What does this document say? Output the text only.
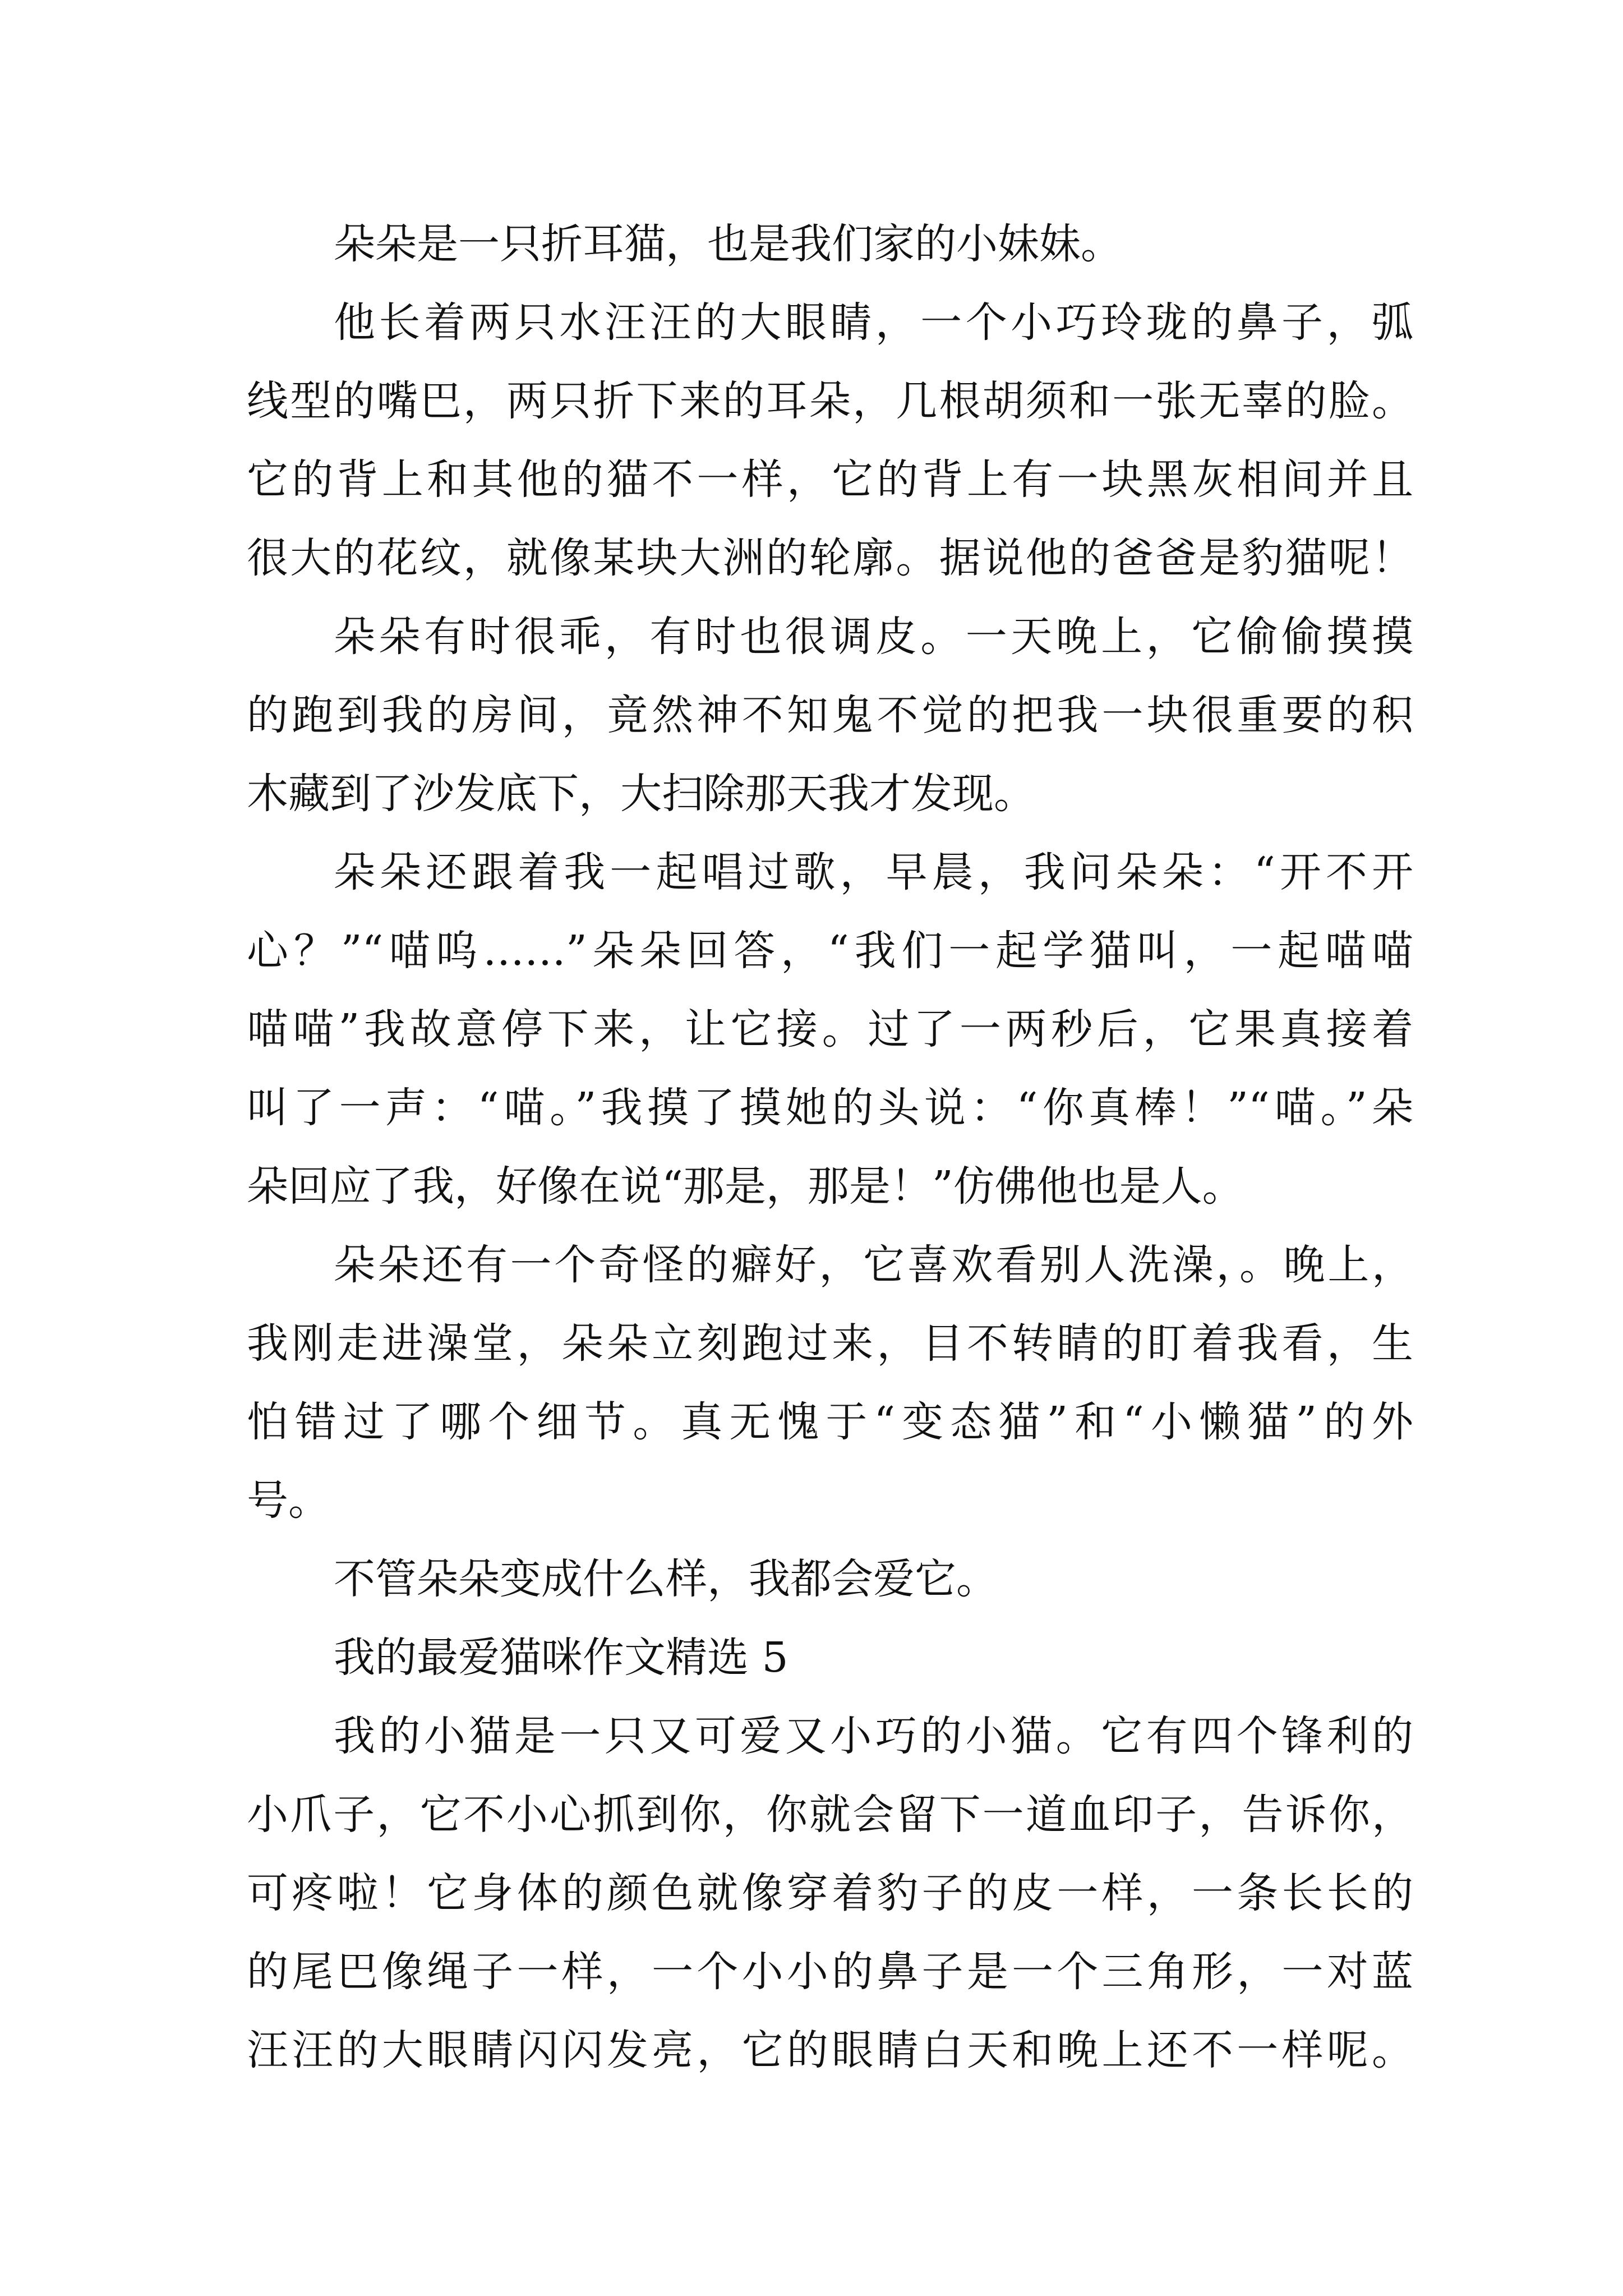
朵朵是一只折耳猫，也是我们家的小妹妹。
他长着两只水汪汪的大眼睛，一个小巧玲珑的鼻子，弧
线型的嘴巴，两只折下来的耳朵，几根胡须和一张无辜的脸。
它的背上和其他的猫不一样，它的背上有一块黑灰相间并且
很大的花纹，就像某块大洲的轮廓。据说他的爸爸是豹猫呢！
朵朵有时很乖，有时也很调皮。一天晚上，它偷偷摸摸
的跑到我的房间，竟然神不知鬼不觉的把我一块很重要的积
木藏到了沙发底下，大扫除那天我才发现。
朵朵还跟着我一起唱过歌，早晨，我问朵朵：“开不开
心？”“喵呜……”朵朵回答，“我们一起学猫叫，一起喵喵
喵喵”我故意停下来，让它接。过了一两秒后，它果真接着
叫了一声：“喵。”我摸了摸她的头说：“你真棒！”“喵。”朵
朵回应了我，好像在说“那是，那是！”仿佛他也是人。
朵朵还有一个奇怪的癖好，它喜欢看别人洗澡，。晚上，
我刚走进澡堂，朵朵立刻跑过来，目不转睛的盯着我看，生
怕错过了哪个细节。真无愧于“变态猫”和“小懒猫”的外
号。
不管朵朵变成什么样，我都会爱它。
我的最爱猫咪作文精选 5
我的小猫是一只又可爱又小巧的小猫。它有四个锋利的
小爪子，它不小心抓到你，你就会留下一道血印子，告诉你，
可疼啦！它身体的颜色就像穿着豹子的皮一样，一条长长的
的尾巴像绳子一样，一个小小的鼻子是一个三角形，一对蓝
汪汪的大眼睛闪闪发亮，它的眼睛白天和晚上还不一样呢。
